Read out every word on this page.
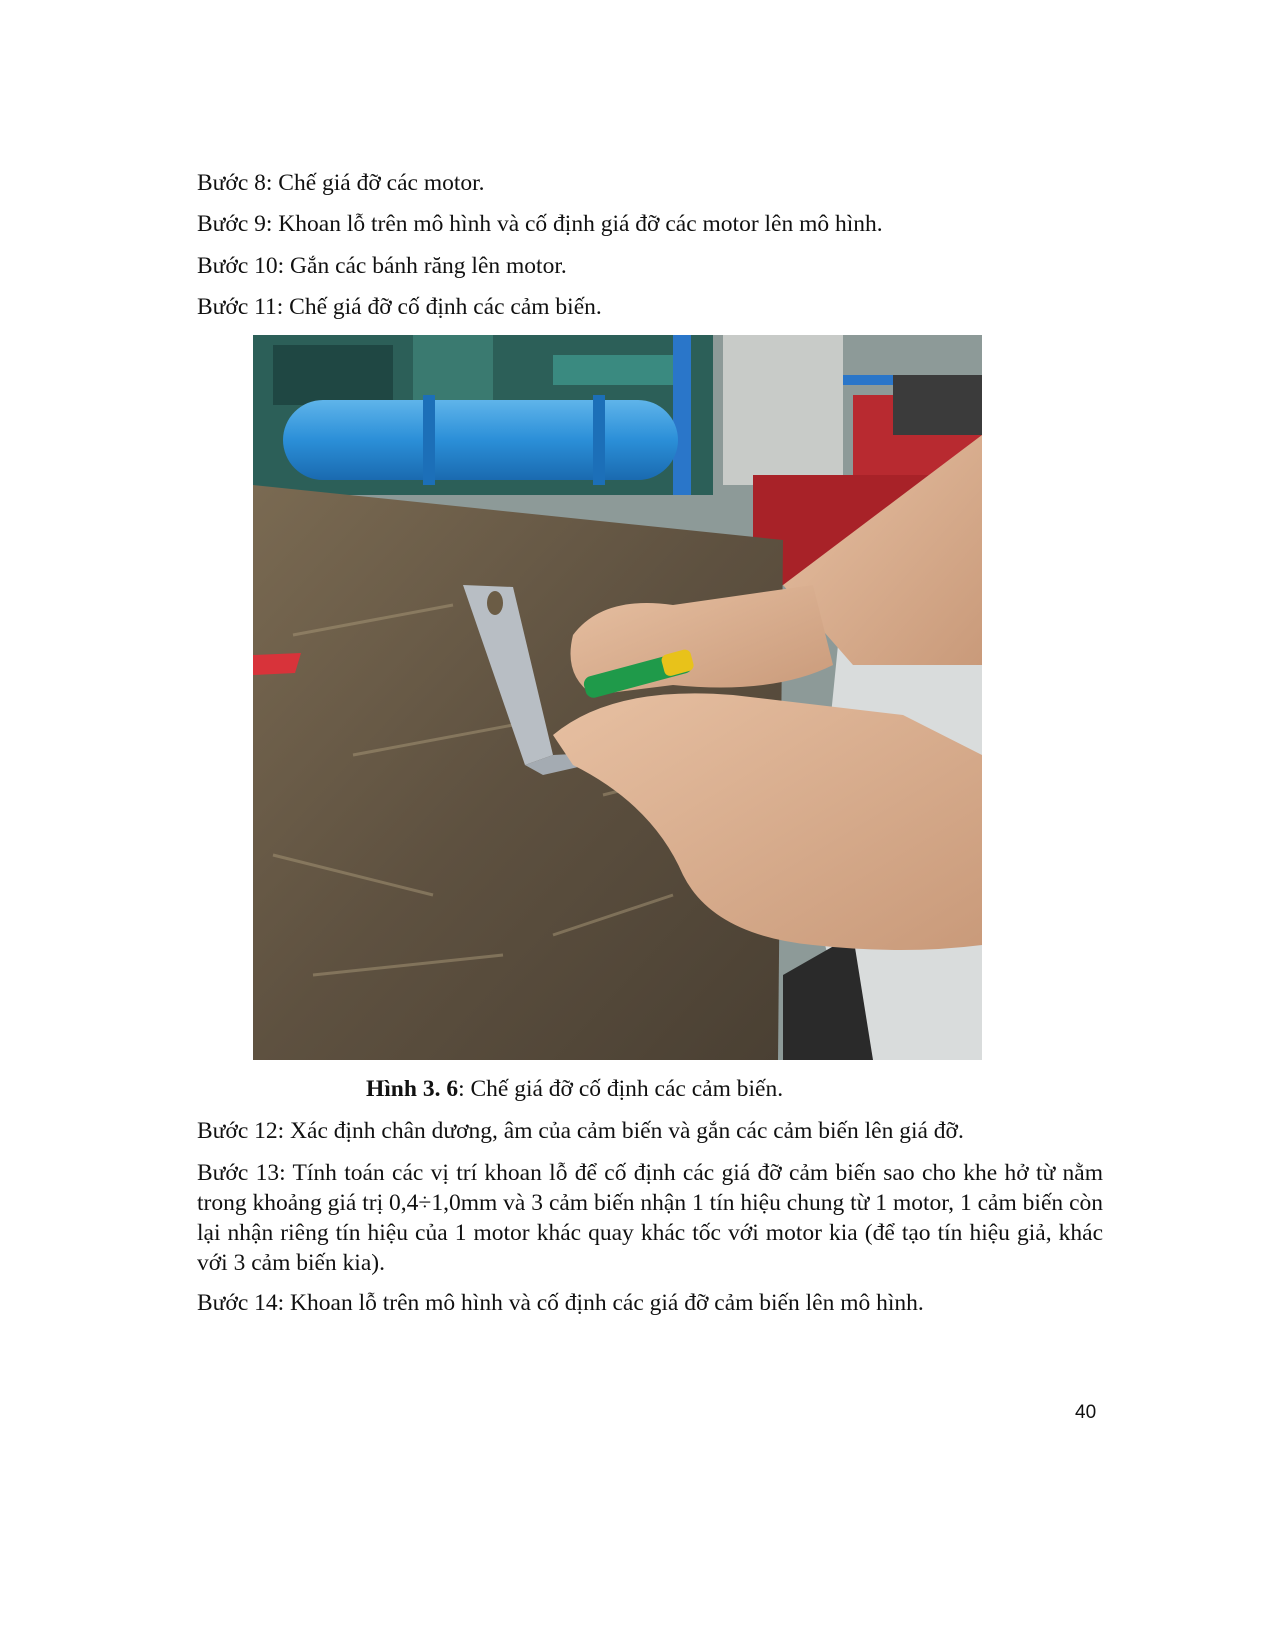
Bước 8: Chế giá đỡ các motor.

Bước 9: Khoan lỗ trên mô hình và cố định giá đỡ các motor lên mô hình.

Bước 10: Gắn các bánh răng lên motor.

Bước 11: Chế giá đỡ cố định các cảm biến.

Hình 3. 6: Chế giá đỡ cố định các cảm biến.

Bước 12: Xác định chân dương, âm của cảm biến và gắn các cảm biến lên giá đỡ.

Bước 13: Tính toán các vị trí khoan lỗ để cố định các giá đỡ cảm biến sao cho khe hở từ nằm trong khoảng giá trị 0,4÷1,0mm và 3 cảm biến nhận 1 tín hiệu chung từ 1 motor, 1 cảm biến còn lại nhận riêng tín hiệu của 1 motor khác quay khác tốc với motor kia (để tạo tín hiệu giả, khác với 3 cảm biến kia).

Bước 14: Khoan lỗ trên mô hình và cố định các giá đỡ cảm biến lên mô hình.

40
